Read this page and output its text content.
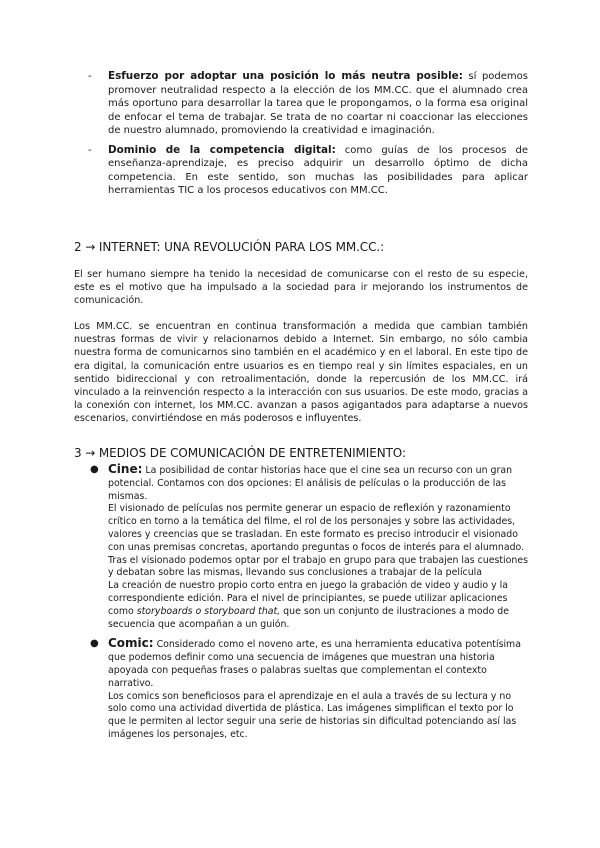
- Esfuerzo por adoptar una posición lo más neutra posible: sí podemos promover neutralidad respecto a la elección de los MM.CC. que el alumnado crea más oportuno para desarrollar la tarea que le propongamos, o la forma esa original de enfocar el tema de trabajar. Se trata de no coartar ni coaccionar las elecciones de nuestro alumnado, promoviendo la creatividad e imaginación.
- Dominio de la competencia digital: como guías de los procesos de enseñanza-aprendizaje, es preciso adquirir un desarrollo óptimo de dicha competencia. En este sentido, son muchas las posibilidades para aplicar herramientas TIC a los procesos educativos con MM.CC.
2 → INTERNET: UNA REVOLUCIÓN PARA LOS MM.CC.:
El ser humano siempre ha tenido la necesidad de comunicarse con el resto de su especie, este es el motivo que ha impulsado a la sociedad para ir mejorando los instrumentos de comunicación.
Los MM.CC. se encuentran en continua transformación a medida que cambian también nuestras formas de vivir y relacionarnos debido a Internet. Sin embargo, no sólo cambia nuestra forma de comunicarnos sino también en el académico y en el laboral. En este tipo de era digital, la comunicación entre usuarios es en tiempo real y sin límites espaciales, en un sentido bidireccional y con retroalimentación, donde la repercusión de los MM.CC. irá vinculado a la reinvención respecto a la interacción con sus usuarios. De este modo, gracias a la conexión con internet, los MM.CC. avanzan a pasos agigantados para adaptarse a nuevos escenarios, convirtiéndose en más poderosos e influyentes.
3 → MEDIOS DE COMUNICACIÓN DE ENTRETENIMIENTO:
● Cine: La posibilidad de contar historias hace que el cine sea un recurso con un gran potencial. Contamos con dos opciones: El análisis de películas o la producción de las mismas.
El visionado de películas nos permite generar un espacio de reflexión y razonamiento crítico en torno a la temática del filme, el rol de los personajes y sobre las actividades, valores y creencias que se trasladan. En este formato es preciso introducir el visionado con unas premisas concretas, aportando preguntas o focos de interés para el alumnado. Tras el visionado podemos optar por el trabajo en grupo para que trabajen las cuestiones y debatan sobre las mismas, llevando sus conclusiones a trabajar de la película
La creación de nuestro propio corto entra en juego la grabación de video y audio y la correspondiente edición. Para el nivel de principiantes, se puede utilizar aplicaciones como storyboards o storyboard that, que son un conjunto de ilustraciones a modo de secuencia que acompañan a un guión.
● Comic: Considerado como el noveno arte, es una herramienta educativa potentísima que podemos definir como una secuencia de imágenes que muestran una historia apoyada con pequeñas frases o palabras sueltas que complementan el contexto narrativo.
Los comics son beneficiosos para el aprendizaje en el aula a través de su lectura y no solo como una actividad divertida de plástica. Las imágenes simplifican el texto por lo que le permiten al lector seguir una serie de historias sin dificultad potenciando así las imágenes los personajes, etc.
